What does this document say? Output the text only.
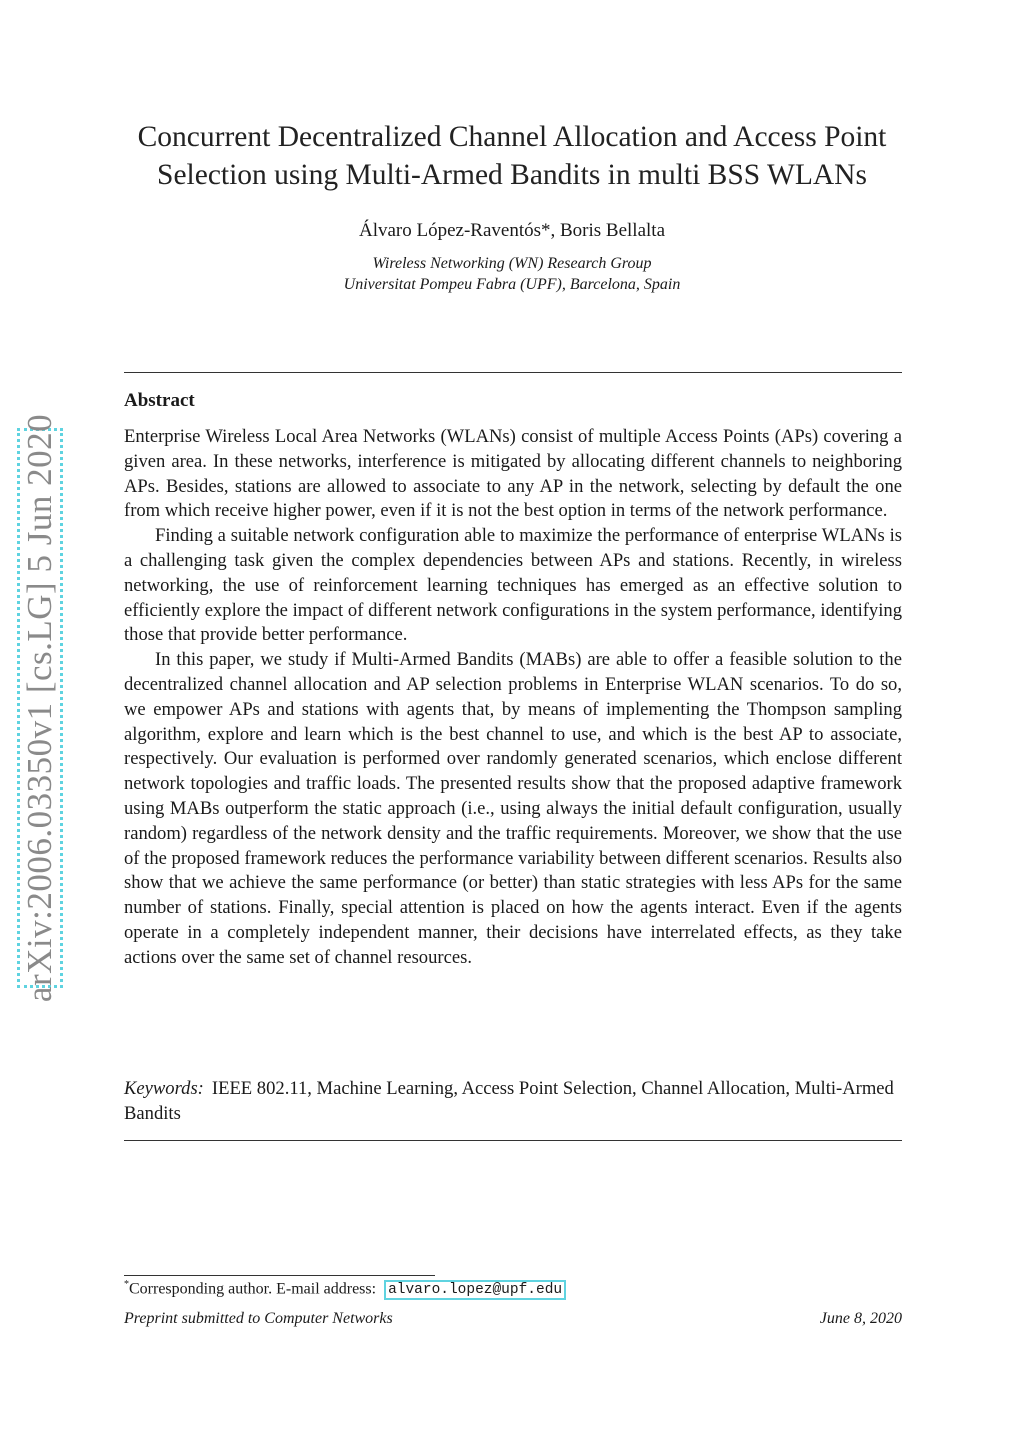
arXiv:2006.03350v1 [cs.LG] 5 Jun 2020
Concurrent Decentralized Channel Allocation and Access Point
Selection using Multi-Armed Bandits in multi BSS WLANs
Álvaro López-Raventós*, Boris Bellalta
Wireless Networking (WN) Research Group
Universitat Pompeu Fabra (UPF), Barcelona, Spain
Abstract

Enterprise Wireless Local Area Networks (WLANs) consist of multiple Access Points (APs) covering a given area. In these networks, interference is mitigated by allocating different channels to neighboring APs. Besides, stations are allowed to associate to any AP in the network, selecting by default the one from which receive higher power, even if it is not the best option in terms of the network performance.

Finding a suitable network configuration able to maximize the performance of enterprise WLANs is a challenging task given the complex dependencies between APs and stations. Recently, in wireless networking, the use of reinforcement learning techniques has emerged as an effective solution to efficiently explore the impact of different network configurations in the system performance, identifying those that provide better performance.

In this paper, we study if Multi-Armed Bandits (MABs) are able to offer a feasible solution to the decentralized channel allocation and AP selection problems in Enterprise WLAN scenarios. To do so, we empower APs and stations with agents that, by means of implementing the Thompson sampling algorithm, explore and learn which is the best channel to use, and which is the best AP to associate, respectively. Our evaluation is performed over randomly generated scenarios, which enclose different network topologies and traffic loads. The presented results show that the proposed adaptive framework using MABs outperform the static approach (i.e., using always the initial default configuration, usually random) regardless of the network density and the traffic requirements. Moreover, we show that the use of the proposed framework reduces the performance variability between different scenarios. Results also show that we achieve the same performance (or better) than static strategies with less APs for the same number of stations. Finally, special attention is placed on how the agents interact. Even if the agents operate in a completely independent manner, their decisions have interrelated effects, as they take actions over the same set of channel resources.

Keywords: IEEE 802.11, Machine Learning, Access Point Selection, Channel Allocation, Multi-Armed Bandits
*Corresponding author. E-mail address: alvaro.lopez@upf.edu
Preprint submitted to Computer Networks	June 8, 2020
